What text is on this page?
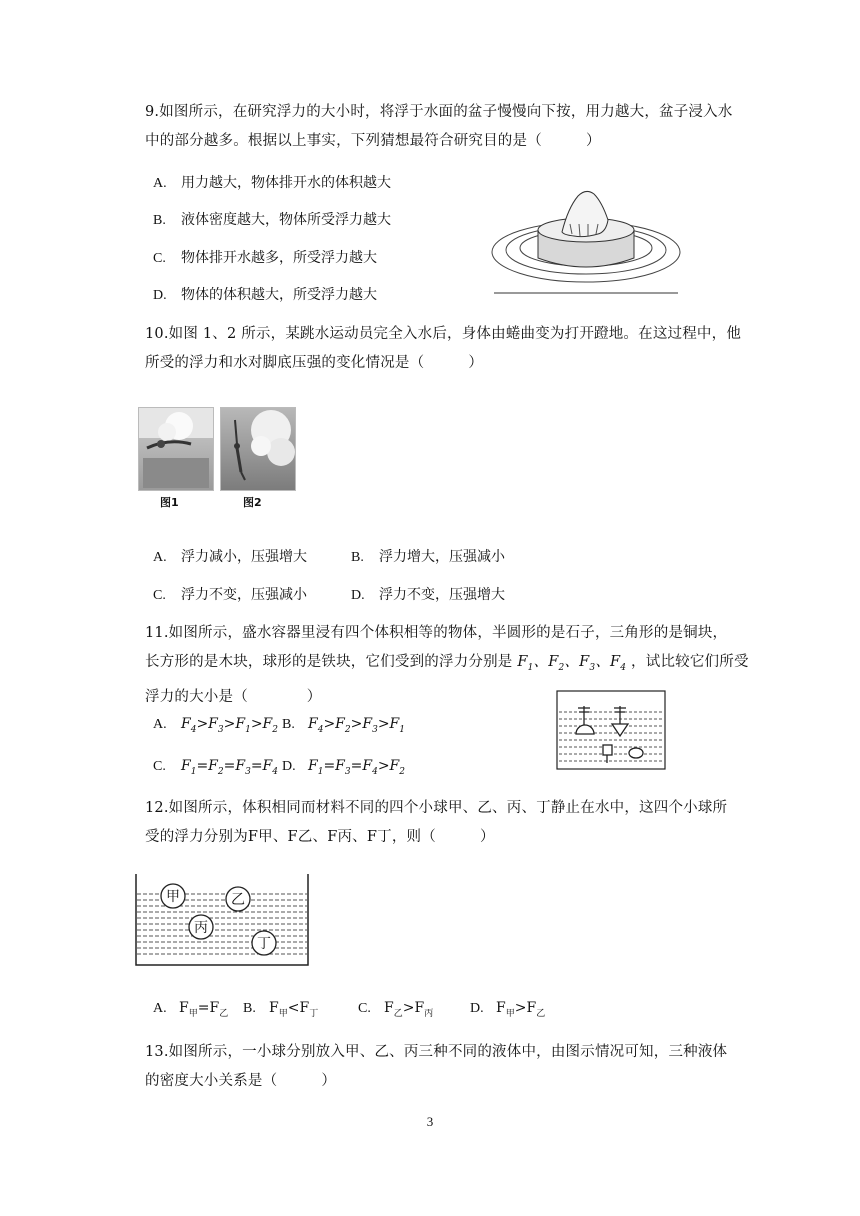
9.如图所示，在研究浮力的大小时，将浮于水面的盆子慢慢向下按，用力越大，盆子浸入水
中的部分越多。根据以上事实，下列猜想最符合研究目的是（　　　）
A. 用力越大，物体排开水的体积越大
B. 液体密度越大，物体所受浮力越大
C. 物体排开水越多，所受浮力越大
D. 物体的体积越大，所受浮力越大
10.如图 1、2 所示，某跳水运动员完全入水后，身体由蜷曲变为打开蹬地。在这过程中，他
所受的浮力和水对脚底压强的变化情况是（　　　）
图1	图2
A. 浮力减小，压强增大	B. 浮力增大，压强减小
C. 浮力不变，压强减小	D. 浮力不变，压强增大
11.如图所示，盛水容器里浸有四个体积相等的物体，半圆形的是石子，三角形的是铜块，
长方形的是木块，球形的是铁块，它们受到的浮力分别是 $F_1$、$F_2$、$F_3$、$F_4$ ，试比较它们所受
浮力的大小是（　　　　）
A. $F_4>F_3>F_1>F_2$ B. $F_4>F_2>F_3>F_1$
C. $F_1=F_2=F_3=F_4$ D. $F_1=F_3=F_4>F_2$
12.如图所示，体积相同而材料不同的四个小球甲、乙、丙、丁静止在水中，这四个小球所
受的浮力分别为F甲、F乙、F丙、F丁，则（　　　）
甲	乙
丙
丁
A. $F_甲=F_乙$ B. $F_甲<F_丁$	C. $F_乙>F_丙$	D. $F_甲>F_乙$
13.如图所示，一小球分别放入甲、乙、丙三种不同的液体中，由图示情况可知，三种液体
的密度大小关系是（　　　）
3
